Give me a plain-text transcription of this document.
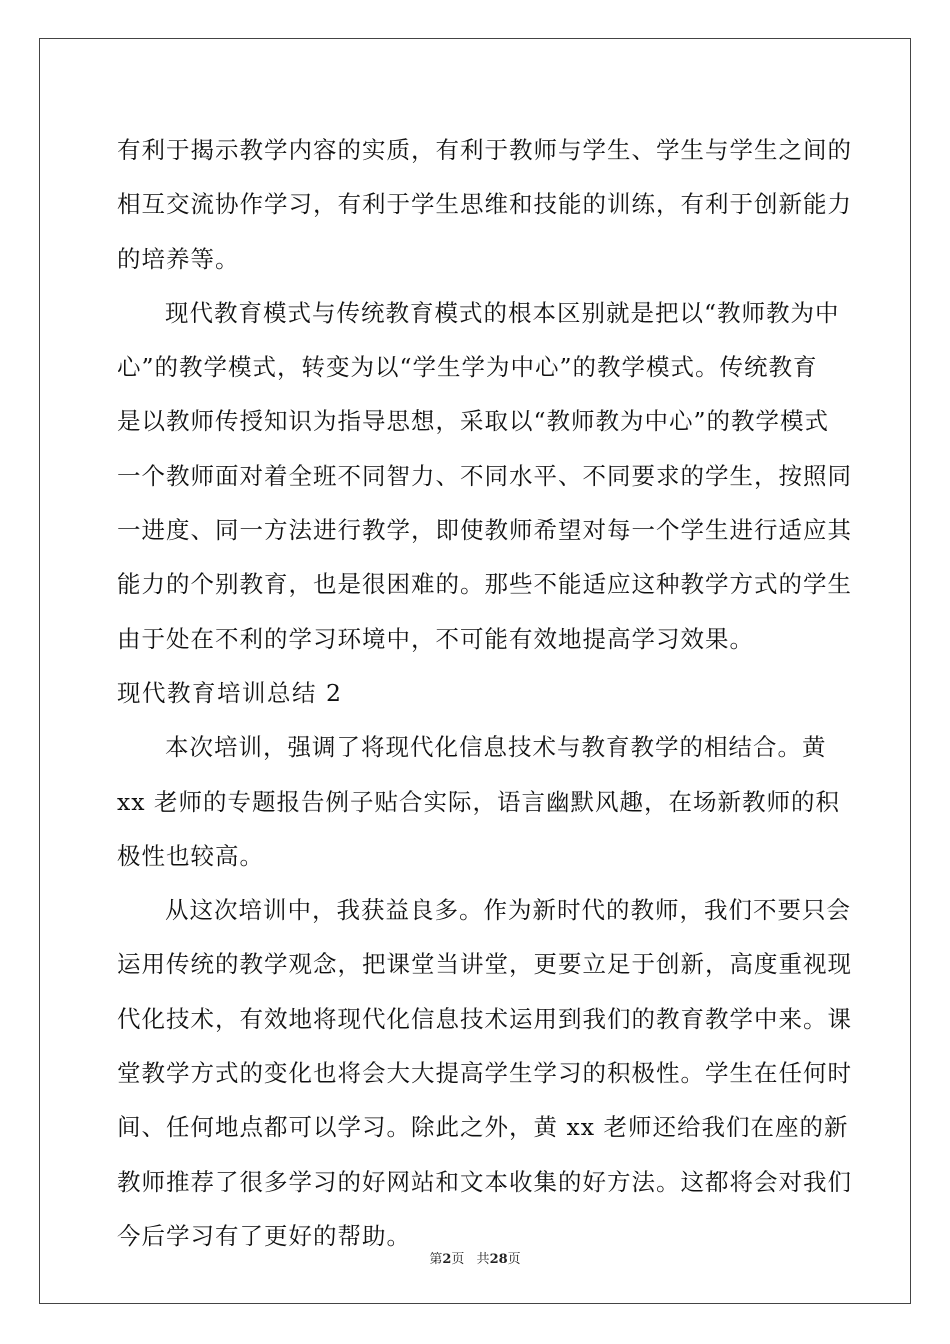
有利于揭示教学内容的实质，有利于教师与学生、学生与学生之间的
相互交流协作学习，有利于学生思维和技能的训练，有利于创新能力
的培养等。
现代教育模式与传统教育模式的根本区别就是把以“教师教为中
心”的教学模式，转变为以“学生学为中心”的教学模式。传统教育
是以教师传授知识为指导思想，采取以“教师教为中心”的教学模式
一个教师面对着全班不同智力、不同水平、不同要求的学生，按照同
一进度、同一方法进行教学，即使教师希望对每一个学生进行适应其
能力的个别教育，也是很困难的。那些不能适应这种教学方式的学生
由于处在不利的学习环境中，不可能有效地提高学习效果。
现代教育培训总结 2
本次培训，强调了将现代化信息技术与教育教学的相结合。黄
xx 老师的专题报告例子贴合实际，语言幽默风趣，在场新教师的积
极性也较高。
从这次培训中，我获益良多。作为新时代的教师，我们不要只会
运用传统的教学观念，把课堂当讲堂，更要立足于创新，高度重视现
代化技术，有效地将现代化信息技术运用到我们的教育教学中来。课
堂教学方式的变化也将会大大提高学生学习的积极性。学生在任何时
间、任何地点都可以学习。除此之外，黄 xx 老师还给我们在座的新
教师推荐了很多学习的好网站和文本收集的好方法。这都将会对我们
今后学习有了更好的帮助。
第2页 共28页
